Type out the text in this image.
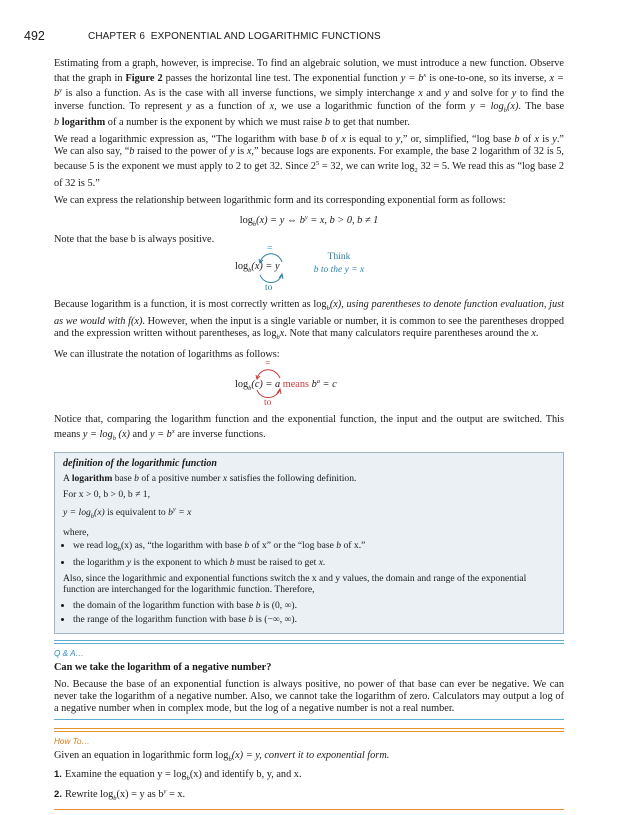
492	CHAPTER 6 EXPONENTIAL AND LOGARITHMIC FUNCTIONS

Estimating from a graph, however, is imprecise. To find an algebraic solution, we must introduce a new function. Observe that the graph in Figure 2 passes the horizontal line test. The exponential function $y = b^x$ is one-to-one, so its inverse, $x = b^y$ is also a function. As is the case with all inverse functions, we simply interchange x and y and solve for y to find the inverse function. To represent y as a function of x, we use a logarithmic function of the form $y = \log_b(x)$. The base b logarithm of a number is the exponent by which we must raise b to get that number.

We read a logarithmic expression as, “The logarithm with base b of x is equal to y,” or, simplified, “log base b of x is y.” We can also say, “b raised to the power of y is x,” because logs are exponents. For example, the base 2 logarithm of 32 is 5, because 5 is the exponent we must apply to 2 to get 32. Since $2^5 = 32$, we can write $\log_2 32 = 5$. We read this as “log base 2 of 32 is 5.”

We can express the relationship between logarithmic form and its corresponding exponential form as follows:

$\log_b(x) = y$ ⇔ $b^y = x$, b > 0, b ≠ 1

Note that the base b is always positive.

=
$\log_b(x) = y$
to
Think
b to the y = x

Because logarithm is a function, it is most correctly written as $\log_b(x)$, using parentheses to denote function evaluation, just as we would with f(x). However, when the input is a single variable or number, it is common to see the parentheses dropped and the expression written without parentheses, as $\log_bx$. Note that many calculators require parentheses around the x.

We can illustrate the notation of logarithms as follows:

=
$\log_b(c) = a$ means $b^a = c$
to

Notice that, comparing the logarithm function and the exponential function, the input and the output are switched. This means $y = \log_b (x)$ and $y = b^x$ are inverse functions.

definition of the logarithmic function

A logarithm base b of a positive number x satisfies the following definition.

For x > 0, b > 0, b ≠ 1,

$y = \log_b(x)$ is equivalent to $b^y = x$

where,

• we read $\log_b(x)$ as, “the logarithm with base b of x” or the “log base b of x.”
• the logarithm y is the exponent to which b must be raised to get x.

Also, since the logarithmic and exponential functions switch the x and y values, the domain and range of the exponential function are interchanged for the logarithmic function. Therefore,

• the domain of the logarithm function with base b is (0, ∞).
• the range of the logarithm function with base b is (−∞, ∞).
Q & A…
Can we take the logarithm of a negative number?

No. Because the base of an exponential function is always positive, no power of that base can ever be negative. We can never take the logarithm of a negative number. Also, we cannot take the logarithm of zero. Calculators may output a log of a negative number when in complex mode, but the log of a negative number is not a real number.

How To…
Given an equation in logarithmic form $\log_b(x) = y$, convert it to exponential form.
1. Examine the equation $y = \log_b(x)$ and identify b, y, and x.
2. Rewrite $\log_b(x) = y$ as $b^y = x$.
